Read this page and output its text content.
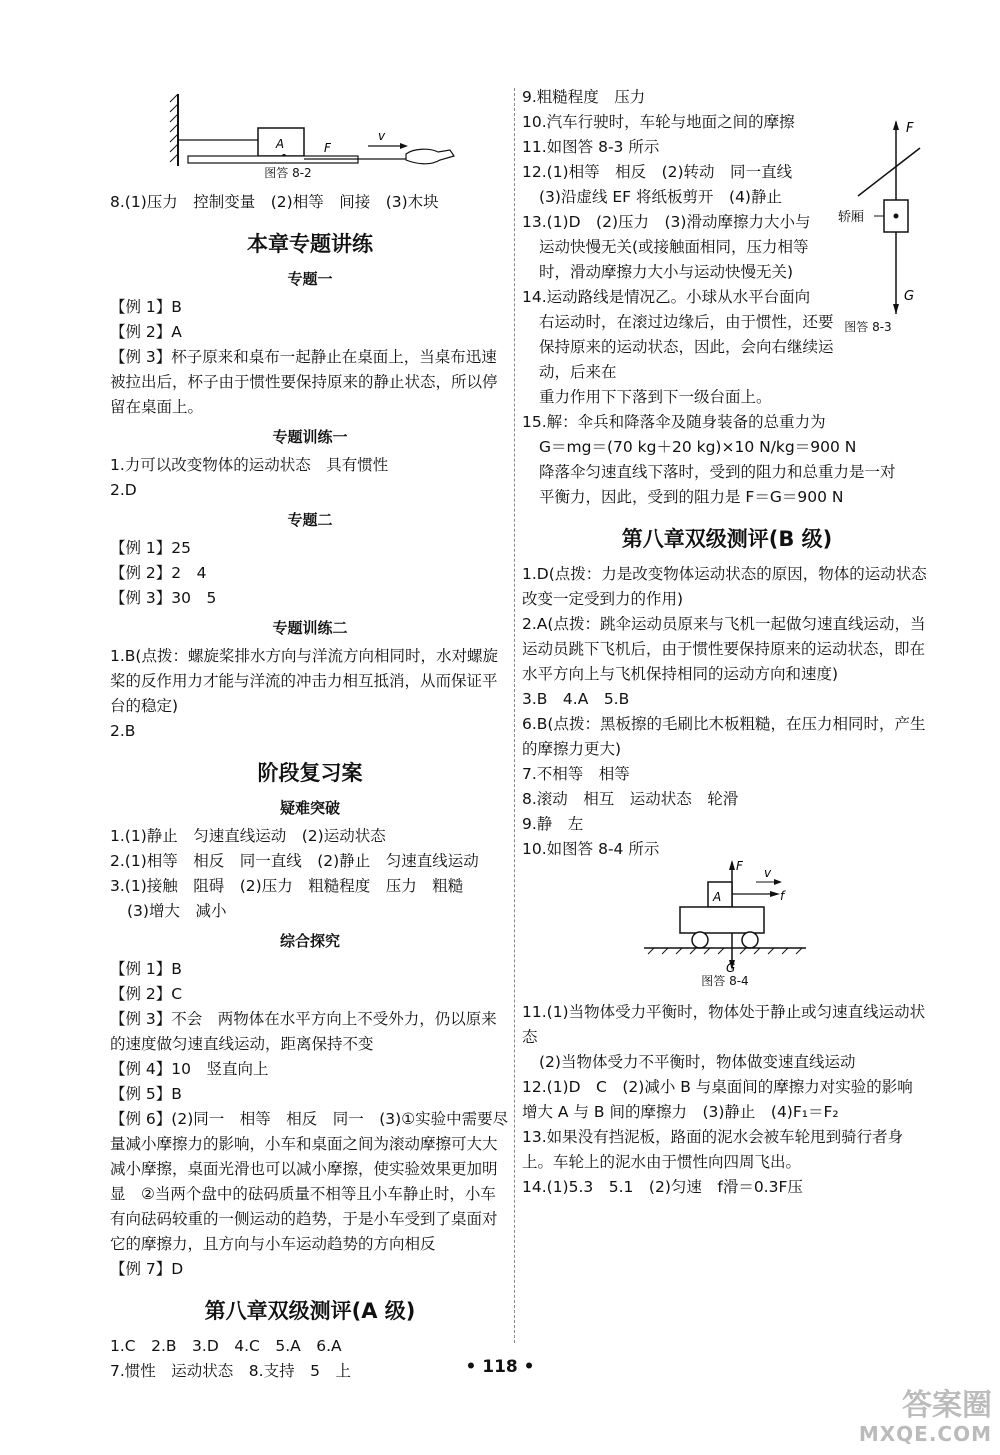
A	F
v
图答 8-2
F
G
轿厢
图答 8-3
F
G
A	f
v
图答 8-4
8.(1)压力　控制变量　(2)相等　间接　(3)木块
本章专题讲练
专题一
【例 1】B
【例 2】A
【例 3】杯子原来和桌布一起静止在桌面上，当桌布迅速被拉出后，杯子由于惯性要保持原来的静止状态，所以停留在桌面上。
专题训练一
1.力可以改变物体的运动状态　具有惯性
2.D
专题二
【例 1】25
【例 2】2　4
【例 3】30　5
专题训练二
1.B(点拨：螺旋桨排水方向与洋流方向相同时，水对螺旋桨的反作用力才能与洋流的冲击力相互抵消，从而保证平台的稳定)
2.B
阶段复习案
疑难突破
1.(1)静止　匀速直线运动　(2)运动状态
2.(1)相等　相反　同一直线　(2)静止　匀速直线运动
3.(1)接触　阻碍　(2)压力　粗糙程度　压力　粗糙
(3)增大　减小
综合探究
【例 1】B
【例 2】C
【例 3】不会　两物体在水平方向上不受外力，仍以原来的速度做匀速直线运动，距离保持不变
【例 4】10　竖直向上
【例 5】B
【例 6】(2)同一　相等　相反　同一　(3)①实验中需要尽量减小摩擦力的影响，小车和桌面之间为滚动摩擦可大大减小摩擦，桌面光滑也可以减小摩擦，使实验效果更加明显　②当两个盘中的砝码质量不相等且小车静止时，小车有向砝码较重的一侧运动的趋势，于是小车受到了桌面对它的摩擦力，且方向与小车运动趋势的方向相反
【例 7】D
第八章双级测评(A 级)
1.C　2.B　3.D　4.C　5.A　6.A
7.惯性　运动状态　8.支持　5　上
9.粗糙程度　压力
10.汽车行驶时，车轮与地面之间的摩擦
11.如图答 8-3 所示
12.(1)相等　相反　(2)转动　同一直线
(3)沿虚线 EF 将纸板剪开　(4)静止
13.(1)D　(2)压力　(3)滑动摩擦力大小与
运动快慢无关(或接触面相同，压力相等
时，滑动摩擦力大小与运动快慢无关)
14.运动路线是情况乙。小球从水平台面向
右运动时，在滚过边缘后，由于惯性，还要
保持原来的运动状态，因此，会向右继续运动，后来在
重力作用下下落到下一级台面上。
15.解：伞兵和降落伞及随身装备的总重力为
G＝mg＝(70 kg＋20 kg)×10 N/kg＝900 N
降落伞匀速直线下落时，受到的阻力和总重力是一对
平衡力，因此，受到的阻力是 F＝G＝900 N
第八章双级测评(B 级)
1.D(点拨：力是改变物体运动状态的原因，物体的运动状态改变一定受到力的作用)
2.A(点拨：跳伞运动员原来与飞机一起做匀速直线运动，当运动员跳下飞机后，由于惯性要保持原来的运动状态，即在水平方向上与飞机保持相同的运动方向和速度)
3.B　4.A　5.B
6.B(点拨：黑板擦的毛刷比木板粗糙，在压力相同时，产生的摩擦力更大)
7.不相等　相等
8.滚动　相互　运动状态　轮滑
9.静　左
10.如图答 8-4 所示
11.(1)当物体受力平衡时，物体处于静止或匀速直线运动状态
(2)当物体受力不平衡时，物体做变速直线运动
12.(1)D　C　(2)减小 B 与桌面间的摩擦力对实验的影响　增大 A 与 B 间的摩擦力　(3)静止　(4)F₁＝F₂
13.如果没有挡泥板，路面的泥水会被车轮甩到骑行者身上。车轮上的泥水由于惯性向四周飞出。
14.(1)5.3　5.1　(2)匀速　f滑＝0.3F压
• 118 •
答案圈
MXQE.COM
